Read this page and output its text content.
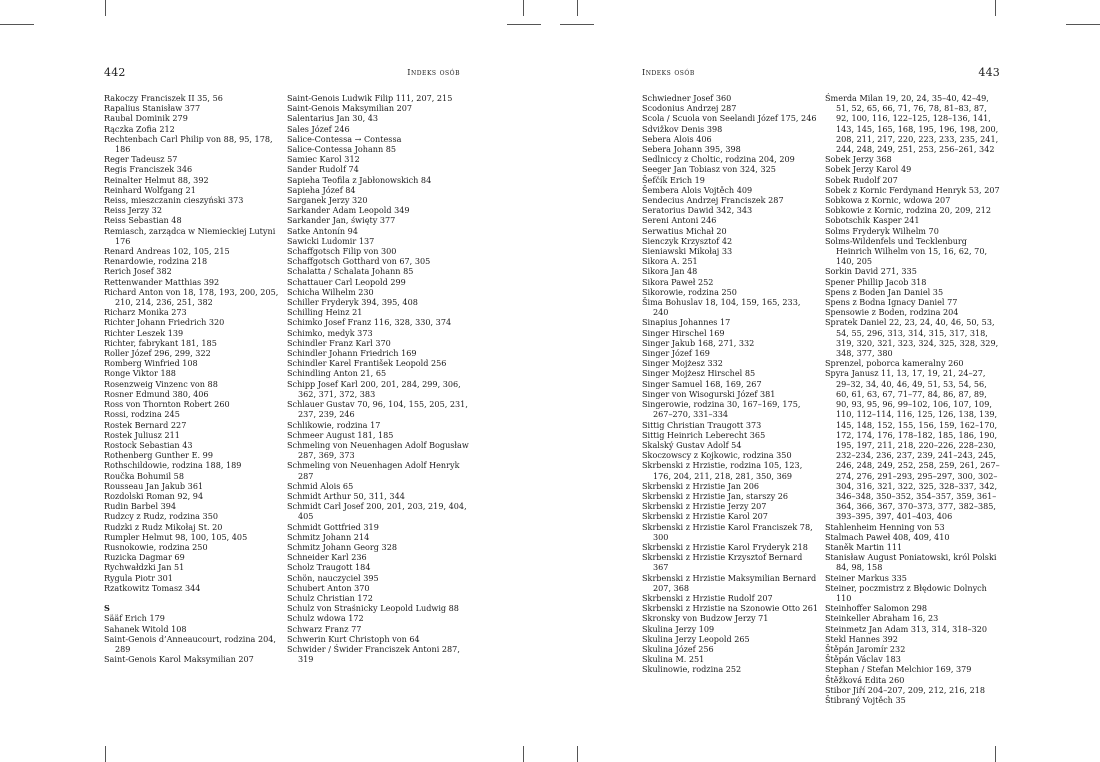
442	Indeks osób
Rakoczy Franciszek II 35, 56
Rapalius Stanisław 377
Raubal Dominik 279
Rączka Zofia 212
Rechtenbach Carl Philip von 88, 95, 178, 186
Reger Tadeusz 57
Regis Franciszek 346
Reinalter Helmut 88, 392
Reinhard Wolfgang 21
Reiss, mieszczanin cieszyński 373
Reiss Jerzy 32
Reiss Sebastian 48
Remiasch, zarządca w Niemieckiej Lutyni 176
Renard Andreas 102, 105, 215
Renardowie, rodzina 218
Rerich Josef 382
Rettenwander Matthias 392
Richard Anton von 18, 178, 193, 200, 205, 210, 214, 236, 251, 382
Richarz Monika 273
Richter Johann Friedrich 320
Richter Leszek 139
Richter, fabrykant 181, 185
Roller Józef 296, 299, 322
Romberg Winfried 108
Ronge Viktor 188
Rosenzweig Vinzenc von 88
Rosner Edmund 380, 406
Ross von Thornton Robert 260
Rossi, rodzina 245
Rostek Bernard 227
Rostek Juliusz 211
Rostock Sebastian 43
Rothenberg Gunther E. 99
Rothschildowie, rodzina 188, 189
Roučka Bohumil 58
Rousseau Jan Jakub 361
Rozdolski Roman 92, 94
Rudin Barbel 394
Rudzcy z Rudz, rodzina 350
Rudzki z Rudz Mikołaj St. 20
Rumpler Helmut 98, 100, 105, 405
Rusnokowie, rodzina 250
Ruzicka Dagmar 69
Rychwałdzki Jan 51
Rygula Piotr 301
Rzatkowitz Tomasz 344
S
Sääf Erich 179
Sahanek Witold 108
Saint-Genois d’Anneaucourt, rodzina 204, 289
Saint-Genois Karol Maksymilian 207
Saint-Genois Ludwik Filip 111, 207, 215
Saint-Genois Maksymilian 207
Salentarius Jan 30, 43
Sales Józef 246
Salice-Contessa → Contessa
Salice-Contessa Johann 85
Samiec Karol 312
Sander Rudolf 74
Sapieha Teofila z Jabłonowskich 84
Sapieha Józef 84
Sarganek Jerzy 320
Sarkander Adam Leopold 349
Sarkander Jan, święty 377
Satke Antonín 94
Sawicki Ludomir 137
Schaffgotsch Filip von 300
Schaffgotsch Gotthard von 67, 305
Schalatta / Schalata Johann 85
Schattauer Carl Leopold 299
Schicha Wilhelm 230
Schiller Fryderyk 394, 395, 408
Schilling Heinz 21
Schimko Josef Franz 116, 328, 330, 374
Schimko, medyk 373
Schindler Franz Karl 370
Schindler Johann Friedrich 169
Schindler Karel František Leopold 256
Schindling Anton 21, 65
Schipp Josef Karl 200, 201, 284, 299, 306, 362, 371, 372, 383
Schlauer Gustav 70, 96, 104, 155, 205, 231, 237, 239, 246
Schlikowie, rodzina 17
Schmeer August 181, 185
Schmeling von Neuenhagen Adolf Bogusław 287, 369, 373
Schmeling von Neuenhagen Adolf Henryk 287
Schmid Alois 65
Schmidt Arthur 50, 311, 344
Schmidt Carl Josef 200, 201, 203, 219, 404, 405
Schmidt Gottfried 319
Schmitz Johann 214
Schmitz Johann Georg 328
Schneider Karl 236
Scholz Traugott 184
Schön, nauczyciel 395
Schubert Anton 370
Schulz Christian 172
Schulz von Straśnicky Leopold Ludwig 88
Schulz wdowa 172
Schwarz Franz 77
Schwerin Kurt Christoph von 64
Schwider / Świder Franciszek Antoni 287, 319
Indeks osób	443
Schwiedner Josef 360
Scodonius Andrzej 287
Scola / Scuola von Seelandi Józef 175, 246
Sdvižkov Denis 398
Sebera Alois 406
Sebera Johann 395, 398
Sedlniccy z Choltic, rodzina 204, 209
Seeger Jan Tobiasz von 324, 325
Šefčík Erich 19
Šembera Alois Vojtěch 409
Sendecius Andrzej Franciszek 287
Seratorius Dawid 342, 343
Sereni Antoni 246
Serwatius Michał 20
Sienczyk Krzysztof 42
Sieniawski Mikołaj 33
Sikora A. 251
Sikora Jan 48
Sikora Paweł 252
Sikorowie, rodzina 250
Šima Bohuslav 18, 104, 159, 165, 233, 240
Sinapius Johannes 17
Singer Hirschel 169
Singer Jakub 168, 271, 332
Singer Józef 169
Singer Mojżesz 332
Singer Mojżesz Hirschel 85
Singer Samuel 168, 169, 267
Singer von Wisogurski Józef 381
Singerowie, rodzina 30, 167–169, 175, 267–270, 331–334
Sittig Christian Traugott 373
Sittig Heinrich Leberecht 365
Skalský Gustav Adolf 54
Skoczowscy z Kojkowic, rodzina 350
Skrbenski z Hrzistie, rodzina 105, 123, 176, 204, 211, 218, 281, 350, 369
Skrbenski z Hrzistie Jan 206
Skrbenski z Hrzistie Jan, starszy 26
Skrbenski z Hrzistie Jerzy 207
Skrbenski z Hrzistie Karol 207
Skrbenski z Hrzistie Karol Franciszek 78, 300
Skrbenski z Hrzistie Karol Fryderyk 218
Skrbenski z Hrzistie Krzysztof Bernard 367
Skrbenski z Hrzistie Maksymilian Bernard 207, 368
Skrbenski z Hrzistie Rudolf 207
Skrbenski z Hrzistie na Szonowie Otto 261
Skronsky von Budzow Jerzy 71
Skulina Jerzy 109
Skulina Jerzy Leopold 265
Skulina Józef 256
Skulina M. 251
Skulinowie, rodzina 252
Śmerda Milan 19, 20, 24, 35–40, 42–49, 51, 52, 65, 66, 71, 76, 78, 81–83, 87, 92, 100, 116, 122–125, 128–136, 141, 143, 145, 165, 168, 195, 196, 198, 200, 208, 211, 217, 220, 223, 233, 235, 241, 244, 248, 249, 251, 253, 256–261, 342
Sobek Jerzy 368
Sobek Jerzy Karol 49
Sobek Rudolf 207
Sobek z Kornic Ferdynand Henryk 53, 207
Sobkowa z Kornic, wdowa 207
Sobkowie z Kornic, rodzina 20, 209, 212
Sobotschik Kasper 241
Solms Fryderyk Wilhelm 70
Solms-Wildenfels und Tecklenburg Heinrich Wilhelm von 15, 16, 62, 70, 140, 205
Sorkin David 271, 335
Spener Phillip Jacob 318
Spens z Boden Jan Daniel 35
Spens z Bodna Ignacy Daniel 77
Spensowie z Boden, rodzina 204
Spratek Daniel 22, 23, 24, 40, 46, 50, 53, 54, 55, 296, 313, 314, 315, 317, 318, 319, 320, 321, 323, 324, 325, 328, 329, 348, 377, 380
Sprenzel, poborca kameralny 260
Spyra Janusz 11, 13, 17, 19, 21, 24–27, 29–32, 34, 40, 46, 49, 51, 53, 54, 56, 60, 61, 63, 67, 71–77, 84, 86, 87, 89, 90, 93, 95, 96, 99–102, 106, 107, 109, 110, 112–114, 116, 125, 126, 138, 139, 145, 148, 152, 155, 156, 159, 162–170, 172, 174, 176, 178–182, 185, 186, 190, 195, 197, 211, 218, 220–226, 228–230, 232–234, 236, 237, 239, 241–243, 245, 246, 248, 249, 252, 258, 259, 261, 267–274, 276, 291–293, 295–297, 300, 302–304, 316, 321, 322, 325, 328–337, 342, 346–348, 350–352, 354–357, 359, 361–364, 366, 367, 370–373, 377, 382–385, 393–395, 397, 401–403, 406
Stahlenheim Henning von 53
Stalmach Paweł 408, 409, 410
Staněk Martin 111
Stanisław August Poniatowski, król Polski 84, 98, 158
Steiner Markus 335
Steiner, poczmistrz z Błędowic Dolnych 110
Steinhoffer Salomon 298
Steinkeller Abraham 16, 23
Steinmetz Jan Adam 313, 314, 318–320
Stekl Hannes 392
Štěpán Jaromír 232
Štěpán Václav 183
Stephan / Stefan Melchior 169, 379
Štěžková Edita 260
Stibor Jiří 204–207, 209, 212, 216, 218
Štibraný Vojtěch 35
